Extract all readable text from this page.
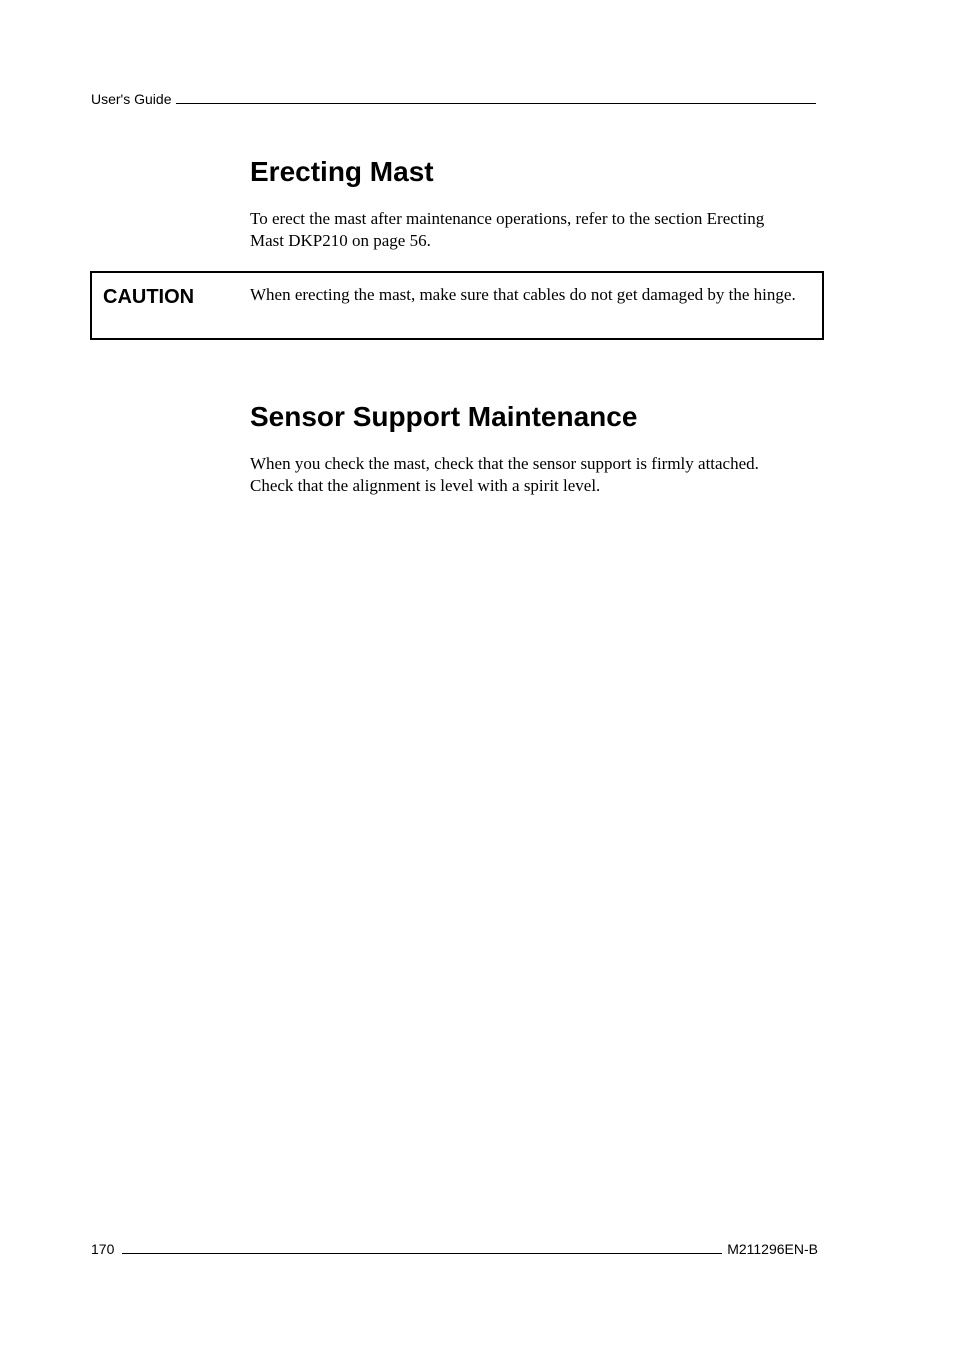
User's Guide
Erecting Mast

To erect the mast after maintenance operations, refer to the section Erecting Mast DKP210 on page 56.

CAUTION	When erecting the mast, make sure that cables do not get damaged by the hinge.
Sensor Support Maintenance

When you check the mast, check that the sensor support is firmly attached. Check that the alignment is level with a spirit level.

170	M211296EN-B
